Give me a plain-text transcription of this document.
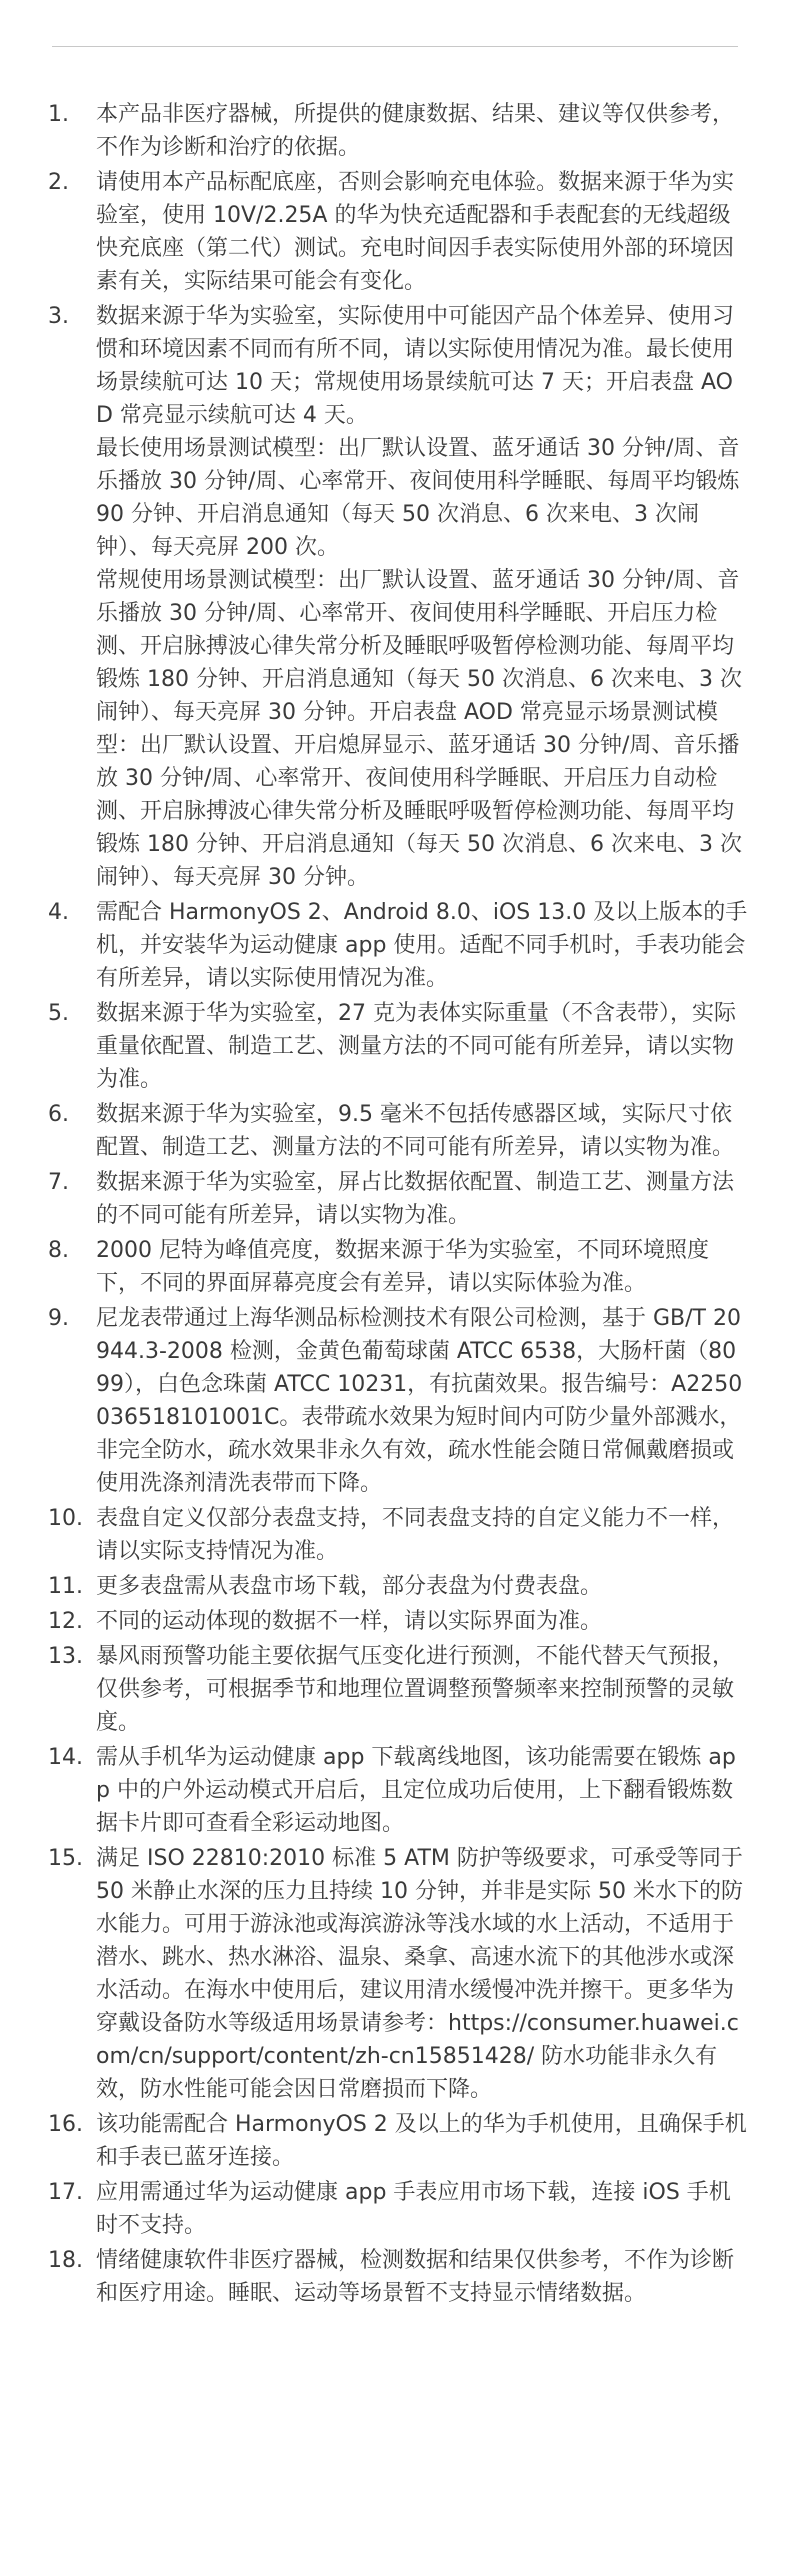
1.	本产品非医疗器械，所提供的健康数据、结果、建议等仅供参考，不作为诊断和治疗的依据。
2.	请使用本产品标配底座，否则会影响充电体验。数据来源于华为实验室，使用 10V/2.25A 的华为快充适配器和手表配套的无线超级快充底座（第二代）测试。充电时间因手表实际使用外部的环境因素有关，实际结果可能会有变化。
3.	数据来源于华为实验室，实际使用中可能因产品个体差异、使用习惯和环境因素不同而有所不同，请以实际使用情况为准。最长使用场景续航可达 10 天；常规使用场景续航可达 7 天；开启表盘 AOD 常亮显示续航可达 4 天。
最长使用场景测试模型：出厂默认设置、蓝牙通话 30 分钟/周、音乐播放 30 分钟/周、心率常开、夜间使用科学睡眠、每周平均锻炼 90 分钟、开启消息通知（每天 50 次消息、6 次来电、3 次闹钟）、每天亮屏 200 次。
常规使用场景测试模型：出厂默认设置、蓝牙通话 30 分钟/周、音乐播放 30 分钟/周、心率常开、夜间使用科学睡眠、开启压力检测、开启脉搏波心律失常分析及睡眠呼吸暂停检测功能、每周平均锻炼 180 分钟、开启消息通知（每天 50 次消息、6 次来电、3 次闹钟）、每天亮屏 30 分钟。开启表盘 AOD 常亮显示场景测试模型：出厂默认设置、开启熄屏显示、蓝牙通话 30 分钟/周、音乐播放 30 分钟/周、心率常开、夜间使用科学睡眠、开启压力自动检测、开启脉搏波心律失常分析及睡眠呼吸暂停检测功能、每周平均锻炼 180 分钟、开启消息通知（每天 50 次消息、6 次来电、3 次闹钟）、每天亮屏 30 分钟。
4.	需配合 HarmonyOS 2、Android 8.0、iOS 13.0 及以上版本的手机，并安装华为运动健康 app 使用。适配不同手机时，手表功能会有所差异，请以实际使用情况为准。
5.	数据来源于华为实验室，27 克为表体实际重量（不含表带），实际重量依配置、制造工艺、测量方法的不同可能有所差异，请以实物为准。
6.	数据来源于华为实验室，9.5 毫米不包括传感器区域，实际尺寸依配置、制造工艺、测量方法的不同可能有所差异，请以实物为准。
7.	数据来源于华为实验室，屏占比数据依配置、制造工艺、测量方法的不同可能有所差异，请以实物为准。
8.	2000 尼特为峰值亮度，数据来源于华为实验室，不同环境照度下，不同的界面屏幕亮度会有差异，请以实际体验为准。
9.	尼龙表带通过上海华测品标检测技术有限公司检测，基于 GB/T 20944.3-2008 检测，金黄色葡萄球菌 ATCC 6538，大肠杆菌（8099），白色念珠菌 ATCC 10231，有抗菌效果。报告编号：A2250036518101001C。表带疏水效果为短时间内可防少量外部溅水，非完全防水，疏水效果非永久有效，疏水性能会随日常佩戴磨损或使用洗涤剂清洗表带而下降。
10. 表盘自定义仅部分表盘支持，不同表盘支持的自定义能力不一样，请以实际支持情况为准。
11. 更多表盘需从表盘市场下载，部分表盘为付费表盘。
12. 不同的运动体现的数据不一样，请以实际界面为准。
13. 暴风雨预警功能主要依据气压变化进行预测，不能代替天气预报，仅供参考，可根据季节和地理位置调整预警频率来控制预警的灵敏度。
14. 需从手机华为运动健康 app 下载离线地图，该功能需要在锻炼 app 中的户外运动模式开启后，且定位成功后使用，上下翻看锻炼数据卡片即可查看全彩运动地图。
15. 满足 ISO 22810:2010 标准 5 ATM 防护等级要求，可承受等同于 50 米静止水深的压力且持续 10 分钟，并非是实际 50 米水下的防水能力。可用于游泳池或海滨游泳等浅水域的水上活动，不适用于潜水、跳水、热水淋浴、温泉、桑拿、高速水流下的其他涉水或深水活动。在海水中使用后，建议用清水缓慢冲洗并擦干。更多华为穿戴设备防水等级适用场景请参考：https://consumer.huawei.com/cn/support/content/zh-cn15851428/ 防水功能非永久有效，防水性能可能会因日常磨损而下降。
16. 该功能需配合 HarmonyOS 2 及以上的华为手机使用，且确保手机和手表已蓝牙连接。
17. 应用需通过华为运动健康 app 手表应用市场下载，连接 iOS 手机时不支持。
18. 情绪健康软件非医疗器械，检测数据和结果仅供参考，不作为诊断和医疗用途。睡眠、运动等场景暂不支持显示情绪数据。
